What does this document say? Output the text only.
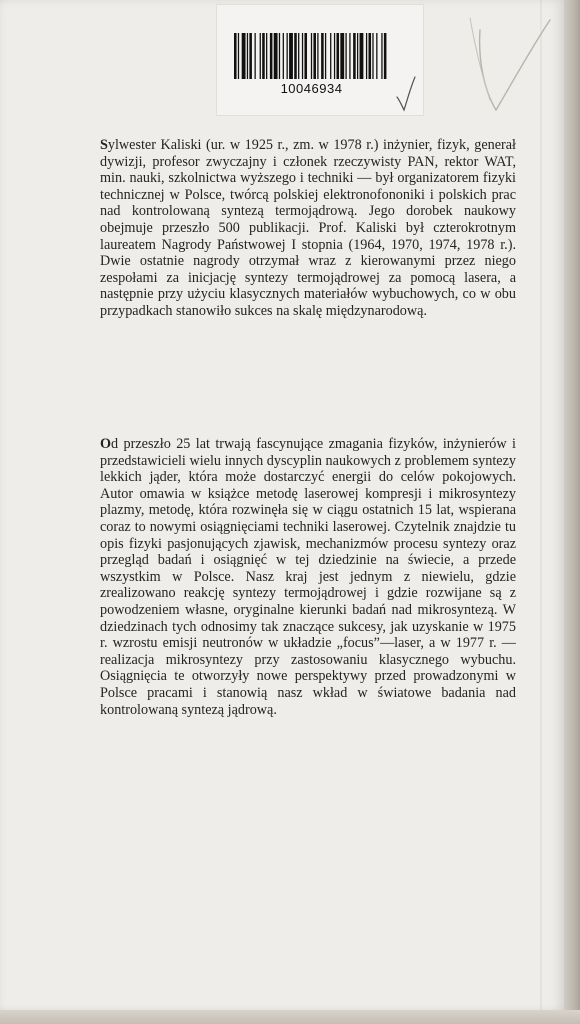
10046934

Sylwester Kaliski (ur. w 1925 r., zm. w 1978 r.) inżynier, fizyk, generał dywizji, profesor zwyczajny i członek rzeczywisty PAN, rektor WAT, min. nauki, szkolnictwa wyższego i techniki — był organizatorem fizyki technicznej w Polsce, twórcą polskiej elektronofononiki i polskich prac nad kontrolowaną syntezą termojądrową. Jego dorobek naukowy obejmuje przeszło 500 publikacji. Prof. Kaliski był czterokrotnym laureatem Nagrody Państwowej I stopnia (1964, 1970, 1974, 1978 r.). Dwie ostatnie nagrody otrzymał wraz z kierowanymi przez niego zespołami za inicjację syntezy termojądrowej za pomocą lasera, a następnie przy użyciu klasycznych materiałów wybuchowych, co w obu przypadkach stanowiło sukces na skalę międzynarodową.

Od przeszło 25 lat trwają fascynujące zmagania fizyków, inżynierów i przedstawicieli wielu innych dyscyplin naukowych z problemem syntezy lekkich jąder, która może dostarczyć energii do celów pokojowych. Autor omawia w książce metodę laserowej kompresji i mikrosyntezy plazmy, metodę, która rozwinęła się w ciągu ostatnich 15 lat, wspierana coraz to nowymi osiągnięciami techniki laserowej. Czytelnik znajdzie tu opis fizyki pasjonujących zjawisk, mechanizmów procesu syntezy oraz przegląd badań i osiągnięć w tej dziedzinie na świecie, a przede wszystkim w Polsce. Nasz kraj jest jednym z niewielu, gdzie zrealizowano reakcję syntezy termojądrowej i gdzie rozwijane są z powodzeniem własne, oryginalne kierunki badań nad mikrosyntezą. W dziedzinach tych odnosimy tak znaczące sukcesy, jak uzyskanie w 1975 r. wzrostu emisji neutronów w układzie „focus”—laser, a w 1977 r. — realizacja mikrosyntezy przy zastosowaniu klasycznego wybuchu. Osiągnięcia te otworzyły nowe perspektywy przed prowadzonymi w Polsce pracami i stanowią nasz wkład w światowe badania nad kontrolowaną syntezą jądrową.
